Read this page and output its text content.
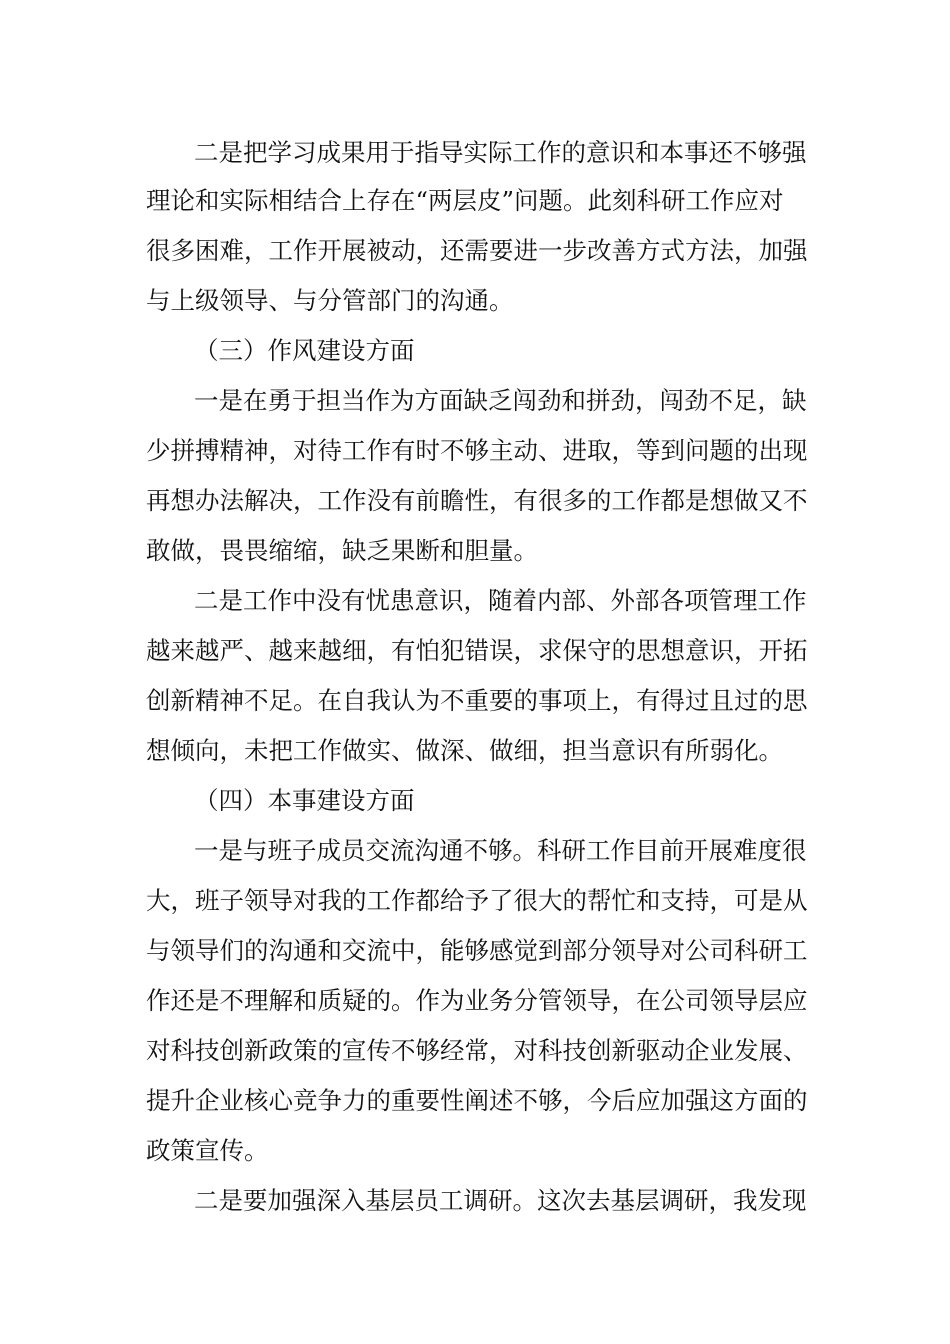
二是把学习成果用于指导实际工作的意识和本事还不够强
理论和实际相结合上存在“两层皮”问题。此刻科研工作应对
很多困难，工作开展被动，还需要进一步改善方式方法，加强
与上级领导、与分管部门的沟通。
（三）作风建设方面
一是在勇于担当作为方面缺乏闯劲和拼劲，闯劲不足，缺
少拼搏精神，对待工作有时不够主动、进取，等到问题的出现
再想办法解决，工作没有前瞻性，有很多的工作都是想做又不
敢做，畏畏缩缩，缺乏果断和胆量。
二是工作中没有忧患意识，随着内部、外部各项管理工作
越来越严、越来越细，有怕犯错误，求保守的思想意识，开拓
创新精神不足。在自我认为不重要的事项上，有得过且过的思
想倾向，未把工作做实、做深、做细，担当意识有所弱化。
（四）本事建设方面
一是与班子成员交流沟通不够。科研工作目前开展难度很
大，班子领导对我的工作都给予了很大的帮忙和支持，可是从
与领导们的沟通和交流中，能够感觉到部分领导对公司科研工
作还是不理解和质疑的。作为业务分管领导，在公司领导层应
对科技创新政策的宣传不够经常，对科技创新驱动企业发展、
提升企业核心竞争力的重要性阐述不够，今后应加强这方面的
政策宣传。
二是要加强深入基层员工调研。这次去基层调研，我发现
